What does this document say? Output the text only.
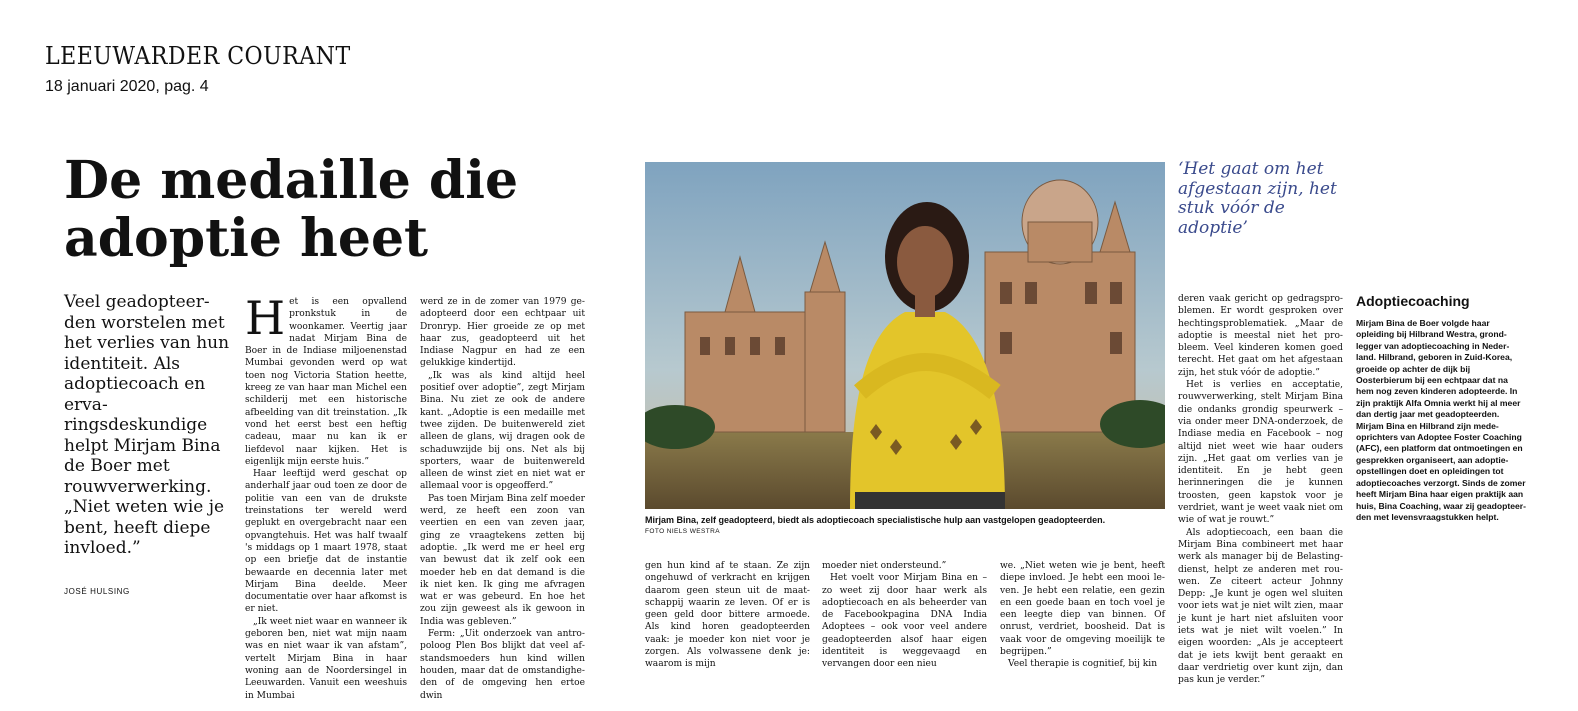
LEEUWARDER COURANT
18 januari 2020, pag. 4
De medaille die adoptie heet
Veel geadopteerden worstelen met het verlies van hun identiteit. Als adoptiecoach en ervaringsdeskundige helpt Mirjam Bina de Boer met rouwverwerking. „Niet weten wie je bent, heeft diepe invloed.”
JOSÉ HULSING
H et is een opvallend pronkstuk in de woonkamer. Veertig jaar nadat Mirjam Bina de Boer in de Indiase miljoenenstad Mumbai gevonden werd op wat toen nog Victoria Station heette, kreeg ze van haar man Michel een schilderij met een historische afbeelding van dit treinstation. „Ik vond het eerst best een heftig cadeau, maar nu kan ik er liefdevol naar kijken. Het is eigenlijk mijn eerste huis.”

Haar leeftijd werd geschat op anderhalf jaar oud toen ze door de politie van een van de drukste treinstations ter wereld werd geplukt en overgebracht naar een opvangtehuis. Het was half twaalf 's middags op 1 maart 1978, staat op een briefje dat de instantie bewaarde en decennia later met Mirjam Bina deelde. Meer documentatie over haar afkomst is er niet.

„Ik weet niet waar en wanneer ik geboren ben, niet wat mijn naam was en niet waar ik van afstam”, vertelt Mirjam Bina in haar woning aan de Noordersingel in Leeuwarden. Vanuit een weeshuis in Mumbai

werd ze in de zomer van 1979 geadopteerd door een echtpaar uit Dronryp. Hier groeide ze op met haar zus, geadopteerd uit het Indiase Nagpur en had ze een gelukkige kindertijd.

„Ik was als kind altijd heel positief over adoptie”, zegt Mirjam Bina. Nu ziet ze ook de andere kant. „Adoptie is een medaille met twee zijden. De buitenwereld ziet alleen de glans, wij dragen ook de schaduwzijde bij ons. Net als bij sporters, waar de buitenwereld alleen de winst ziet en niet wat er allemaal voor is opgeofferd.”

Pas toen Mirjam Bina zelf moeder werd, ze heeft een zoon van veertien en een van zeven jaar, ging ze vraagtekens zetten bij adoptie. „Ik werd me er heel erg van bewust dat ik zelf ook een moeder heb en dat demand is die ik niet ken. Ik ging me afvragen wat er was gebeurd. En hoe het zou zijn geweest als ik gewoon in India was gebleven.”

Ferm: „Uit onderzoek van antropoloog Plen Bos blijkt dat veel afstandsmoeders hun kind willen houden, maar dat de omstandigheden of de omgeving hen ertoe dwin

Mirjam Bina, zelf geadopteerd, biedt als adoptiecoach specialistische hulp aan vastgelopen geadopteerden.
FOTO NIELS WESTRA

gen hun kind af te staan. Ze zijn ongehuwd of verkracht en krijgen daarom geen steun uit de maatschappij waarin ze leven. Of er is geen geld door bittere armoede. Als kind horen geadopteerden vaak: je moeder kon niet voor je zorgen. Als volwassene denk je: waarom is mijn

moeder niet ondersteund.”

Het voelt voor Mirjam Bina en – zo weet zij door haar werk als adoptiecoach en als beheerder van de Facebookpagina DNA India Adoptees – ook voor veel andere geadopteerden alsof haar eigen identiteit is weggevaagd en vervangen door een nieu

we. „Niet weten wie je bent, heeft diepe invloed. Je hebt een mooi leven. Je hebt een relatie, een gezin en een goede baan en toch voel je een leegte diep van binnen. Of onrust, verdriet, boosheid. Dat is vaak voor de omgeving moeilijk te begrijpen.”

Veel therapie is cognitief, bij kin

‘Het gaat om het afgestaan zijn, het stuk vóór de adoptie’

deren vaak gericht op gedragsproblemen. Er wordt gesproken over hechtingsproblematiek. „Maar de adoptie is meestal niet het probleem. Veel kinderen komen goed terecht. Het gaat om het afgestaan zijn, het stuk vóór de adoptie.”

Het is verlies en acceptatie, rouwverwerking, stelt Mirjam Bina die ondanks grondig speurwerk – via onder meer DNA-onderzoek, de Indiase media en Facebook – nog altijd niet weet wie haar ouders zijn. „Het gaat om verlies van je identiteit. En je hebt geen herinneringen die je kunnen troosten, geen kapstok voor je verdriet, want je weet vaak niet om wie of wat je rouwt.”

Als adoptiecoach, een baan die Mirjam Bina combineert met haar werk als manager bij de Belastingdienst, helpt ze anderen met rouwen. Ze citeert acteur Johnny Depp: „Je kunt je ogen wel sluiten voor iets wat je niet wilt zien, maar je kunt je hart niet afsluiten voor iets wat je niet wilt voelen.” In eigen woorden: „Als je accepteert dat je iets kwijt bent geraakt en daar verdrietig over kunt zijn, dan pas kun je verder.”

Adoptiecoaching
Mirjam Bina de Boer volgde haar opleiding bij Hilbrand Westra, grondlegger van adoptiecoaching in Nederland. Hilbrand, geboren in Zuid-Korea, groeide op achter de dijk bij Oosterbierum bij een echtpaar dat na hem nog zeven kinderen adopteerde. In zijn praktijk Alfa Omnia werkt hij al meer dan dertig jaar met geadopteerden. Mirjam Bina en Hilbrand zijn mede-oprichters van Adoptee Foster Coaching (AFC), een platform dat ontmoetingen en gesprekken organiseert, aan adoptie-opstellingen doet en opleidingen tot adoptiecoaches verzorgt. Sinds de zomer heeft Mirjam Bina haar eigen praktijk aan huis, Bina Coaching, waar zij geadopteerden met levensvraagstukken helpt.
